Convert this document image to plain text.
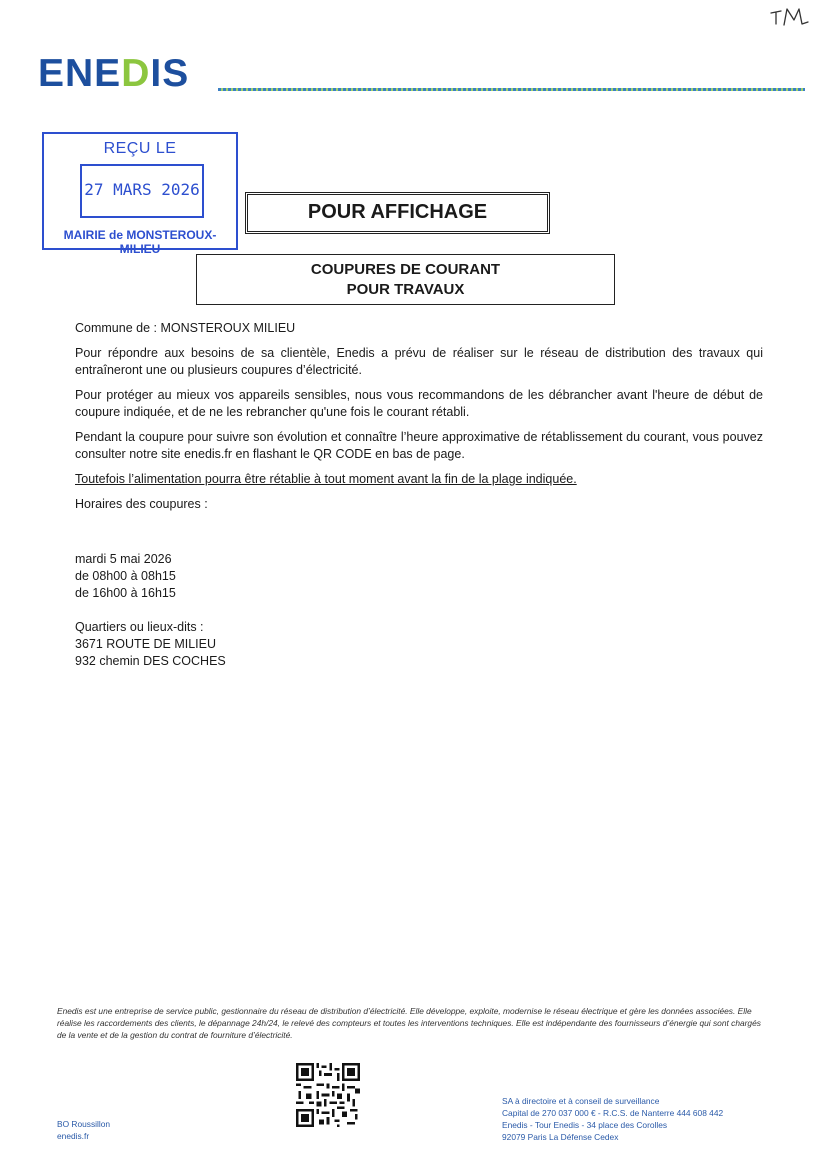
ENEDIS
REÇU LE
27 MARS 2026
MAIRIE de MONSTEROUX-MILIEU
POUR AFFICHAGE
COUPURES DE COURANT
POUR TRAVAUX

Commune de : MONSTEROUX MILIEU

Pour répondre aux besoins de sa clientèle, Enedis a prévu de réaliser sur le réseau de distribution des travaux qui entraîneront une ou plusieurs coupures d’électricité.

Pour protéger au mieux vos appareils sensibles, nous vous recommandons de les débrancher avant l'heure de début de coupure indiquée, et de ne les rebrancher qu'une fois le courant rétabli.

Pendant la coupure pour suivre son évolution et connaître l’heure approximative de rétablissement du courant, vous pouvez consulter notre site enedis.fr en flashant le QR CODE en bas de page.

Toutefois l’alimentation pourra être rétablie à tout moment avant la fin de la plage indiquée.

Horaires des coupures :

mardi 5 mai 2026
de 08h00 à 08h15
de 16h00 à 16h15
Quartiers ou lieux-dits :
3671 ROUTE DE MILIEU
932 chemin DES COCHES
Enedis est une entreprise de service public, gestionnaire du réseau de distribution d’électricité. Elle développe, exploite, modernise le réseau électrique et gère les données associées. Elle réalise les raccordements des clients, le dépannage 24h/24, le relevé des compteurs et toutes les interventions techniques. Elle est indépendante des fournisseurs d’énergie qui sont chargés de la vente et de la gestion du contrat de fourniture d’électricité.
BO Roussillon
enedis.fr
SA à directoire et à conseil de surveillance
Capital de 270 037 000 € - R.C.S. de Nanterre 444 608 442
Enedis - Tour Enedis - 34 place des Corolles
92079 Paris La Défense Cedex
